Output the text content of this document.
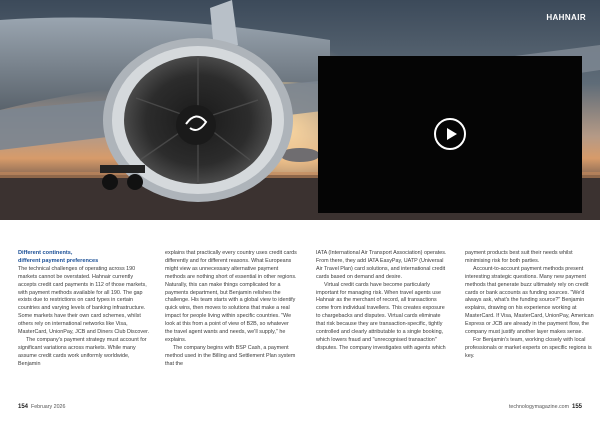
HAHNAIR

Different continents,

different payment preferences

The technical challenges of operating across 190 markets cannot be overstated. Hahnair currently accepts credit card payments in 112 of those markets, with payment methods available for all 190. The gap exists due to restrictions on card types in certain countries and varying levels of banking infrastructure. Some markets have their own card schemes, whilst others rely on international networks like Visa, MasterCard, UnionPay, JCB and Diners Club Discover.

The company's payment strategy must account for significant variations across markets. While many assume credit cards work uniformly worldwide, Benjamin

explains that practically every country uses credit cards differently and for different reasons. What Europeans might view as unnecessary alternative payment methods are nothing short of essential in other regions. Naturally, this can make things complicated for a payments department, but Benjamin relishes the challenge. His team starts with a global view to identify quick wins, then moves to solutions that make a real impact for people living within specific countries. "We look at this from a point of view of B2B, so whatever the travel agent wants and needs, we'll supply," he explains.

The company begins with BSP Cash, a payment method used in the Billing and Settlement Plan system that the

IATA (International Air Transport Association) operates. From there, they add IATA EasyPay, UATP (Universal Air Travel Plan) card solutions, and international credit cards based on demand and desire.

Virtual credit cards have become particularly important for managing risk. When travel agents use Hahnair as the merchant of record, all transactions come from individual travellers. This creates exposure to chargebacks and disputes. Virtual cards eliminate that risk because they are transaction-specific, tightly controlled and clearly attributable to a single booking, which lowers fraud and "unrecognised transaction" disputes. The company investigates with agents which

payment products best suit their needs whilst minimising risk for both parties.

Account-to-account payment methods present interesting strategic questions. Many new payment methods that generate buzz ultimately rely on credit cards or bank accounts as funding sources. "We'd always ask, what's the funding source?" Benjamin explains, drawing on his experience working at MasterCard. If Visa, MasterCard, UnionPay, American Express or JCB are already in the payment flow, the company must justify another layer makes sense.

For Benjamin's team, working closely with local professionals or market experts on specific regions is key.

154 February 2026	technologymagazine.com 155
